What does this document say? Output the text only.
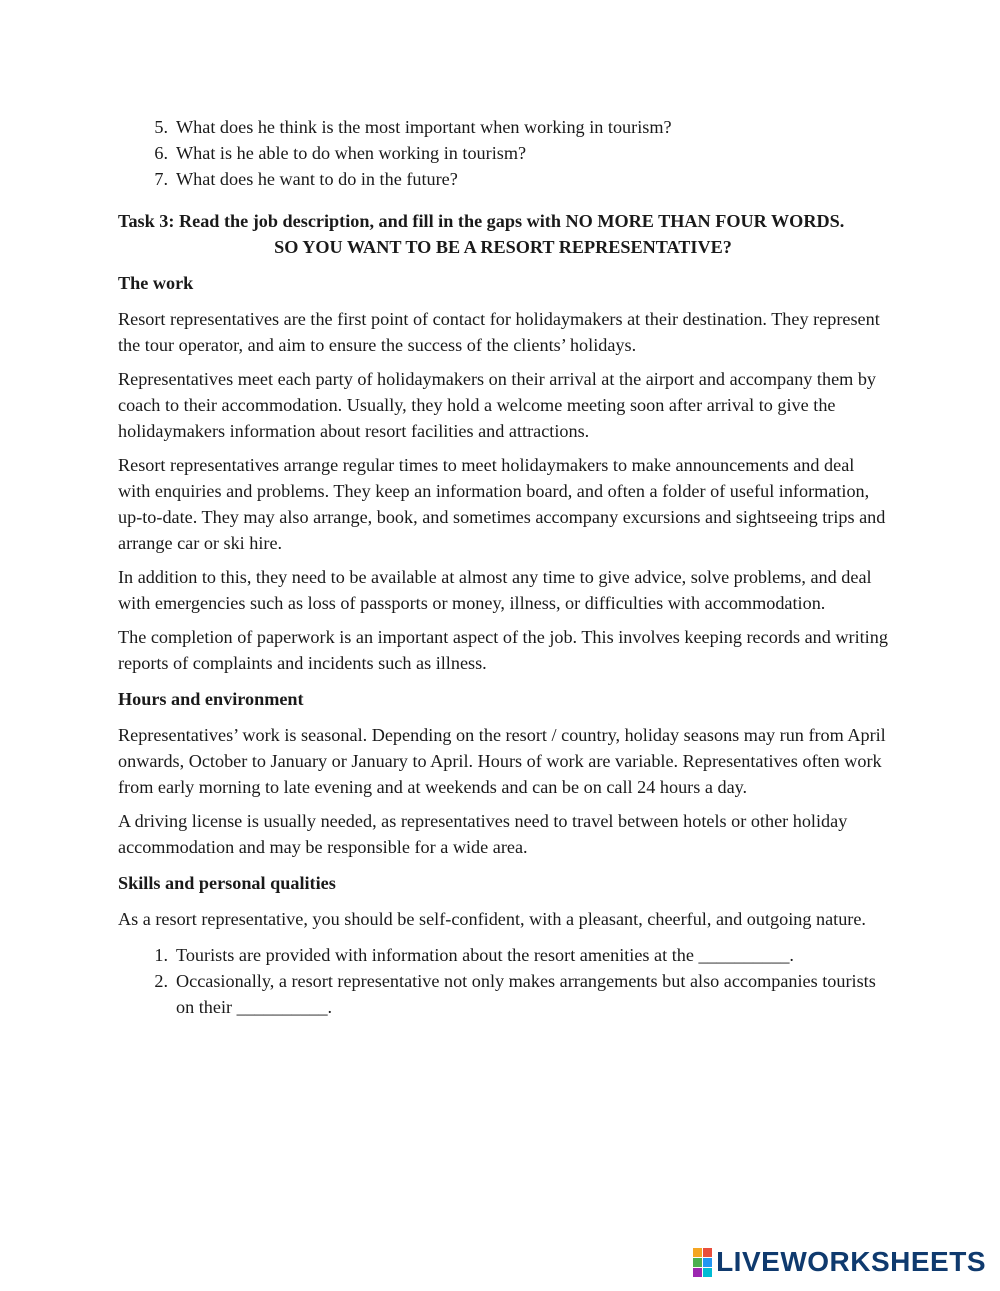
5. What does he think is the most important when working in tourism?
6. What is he able to do when working in tourism?
7. What does he want to do in the future?
Task 3: Read the job description, and fill in the gaps with NO MORE THAN FOUR WORDS.
SO YOU WANT TO BE A RESORT REPRESENTATIVE?
The work

Resort representatives are the first point of contact for holidaymakers at their destination. They represent the tour operator, and aim to ensure the success of the clients’ holidays.

Representatives meet each party of holidaymakers on their arrival at the airport and accompany them by coach to their accommodation. Usually, they hold a welcome meeting soon after arrival to give the holidaymakers information about resort facilities and attractions.

Resort representatives arrange regular times to meet holidaymakers to make announcements and deal with enquiries and problems. They keep an information board, and often a folder of useful information, up-to-date. They may also arrange, book, and sometimes accompany excursions and sightseeing trips and arrange car or ski hire.

In addition to this, they need to be available at almost any time to give advice, solve problems, and deal with emergencies such as loss of passports or money, illness, or difficulties with accommodation.

The completion of paperwork is an important aspect of the job. This involves keeping records and writing reports of complaints and incidents such as illness.

Hours and environment

Representatives’ work is seasonal. Depending on the resort / country, holiday seasons may run from April onwards, October to January or January to April. Hours of work are variable. Representatives often work from early morning to late evening and at weekends and can be on call 24 hours a day.

A driving license is usually needed, as representatives need to travel between hotels or other holiday accommodation and may be responsible for a wide area.

Skills and personal qualities

As a resort representative, you should be self-confident, with a pleasant, cheerful, and outgoing nature.

1. Tourists are provided with information about the resort amenities at the __________.
2. Occasionally, a resort representative not only makes arrangements but also accompanies tourists on their __________.
LIVEWORKSHEETS
